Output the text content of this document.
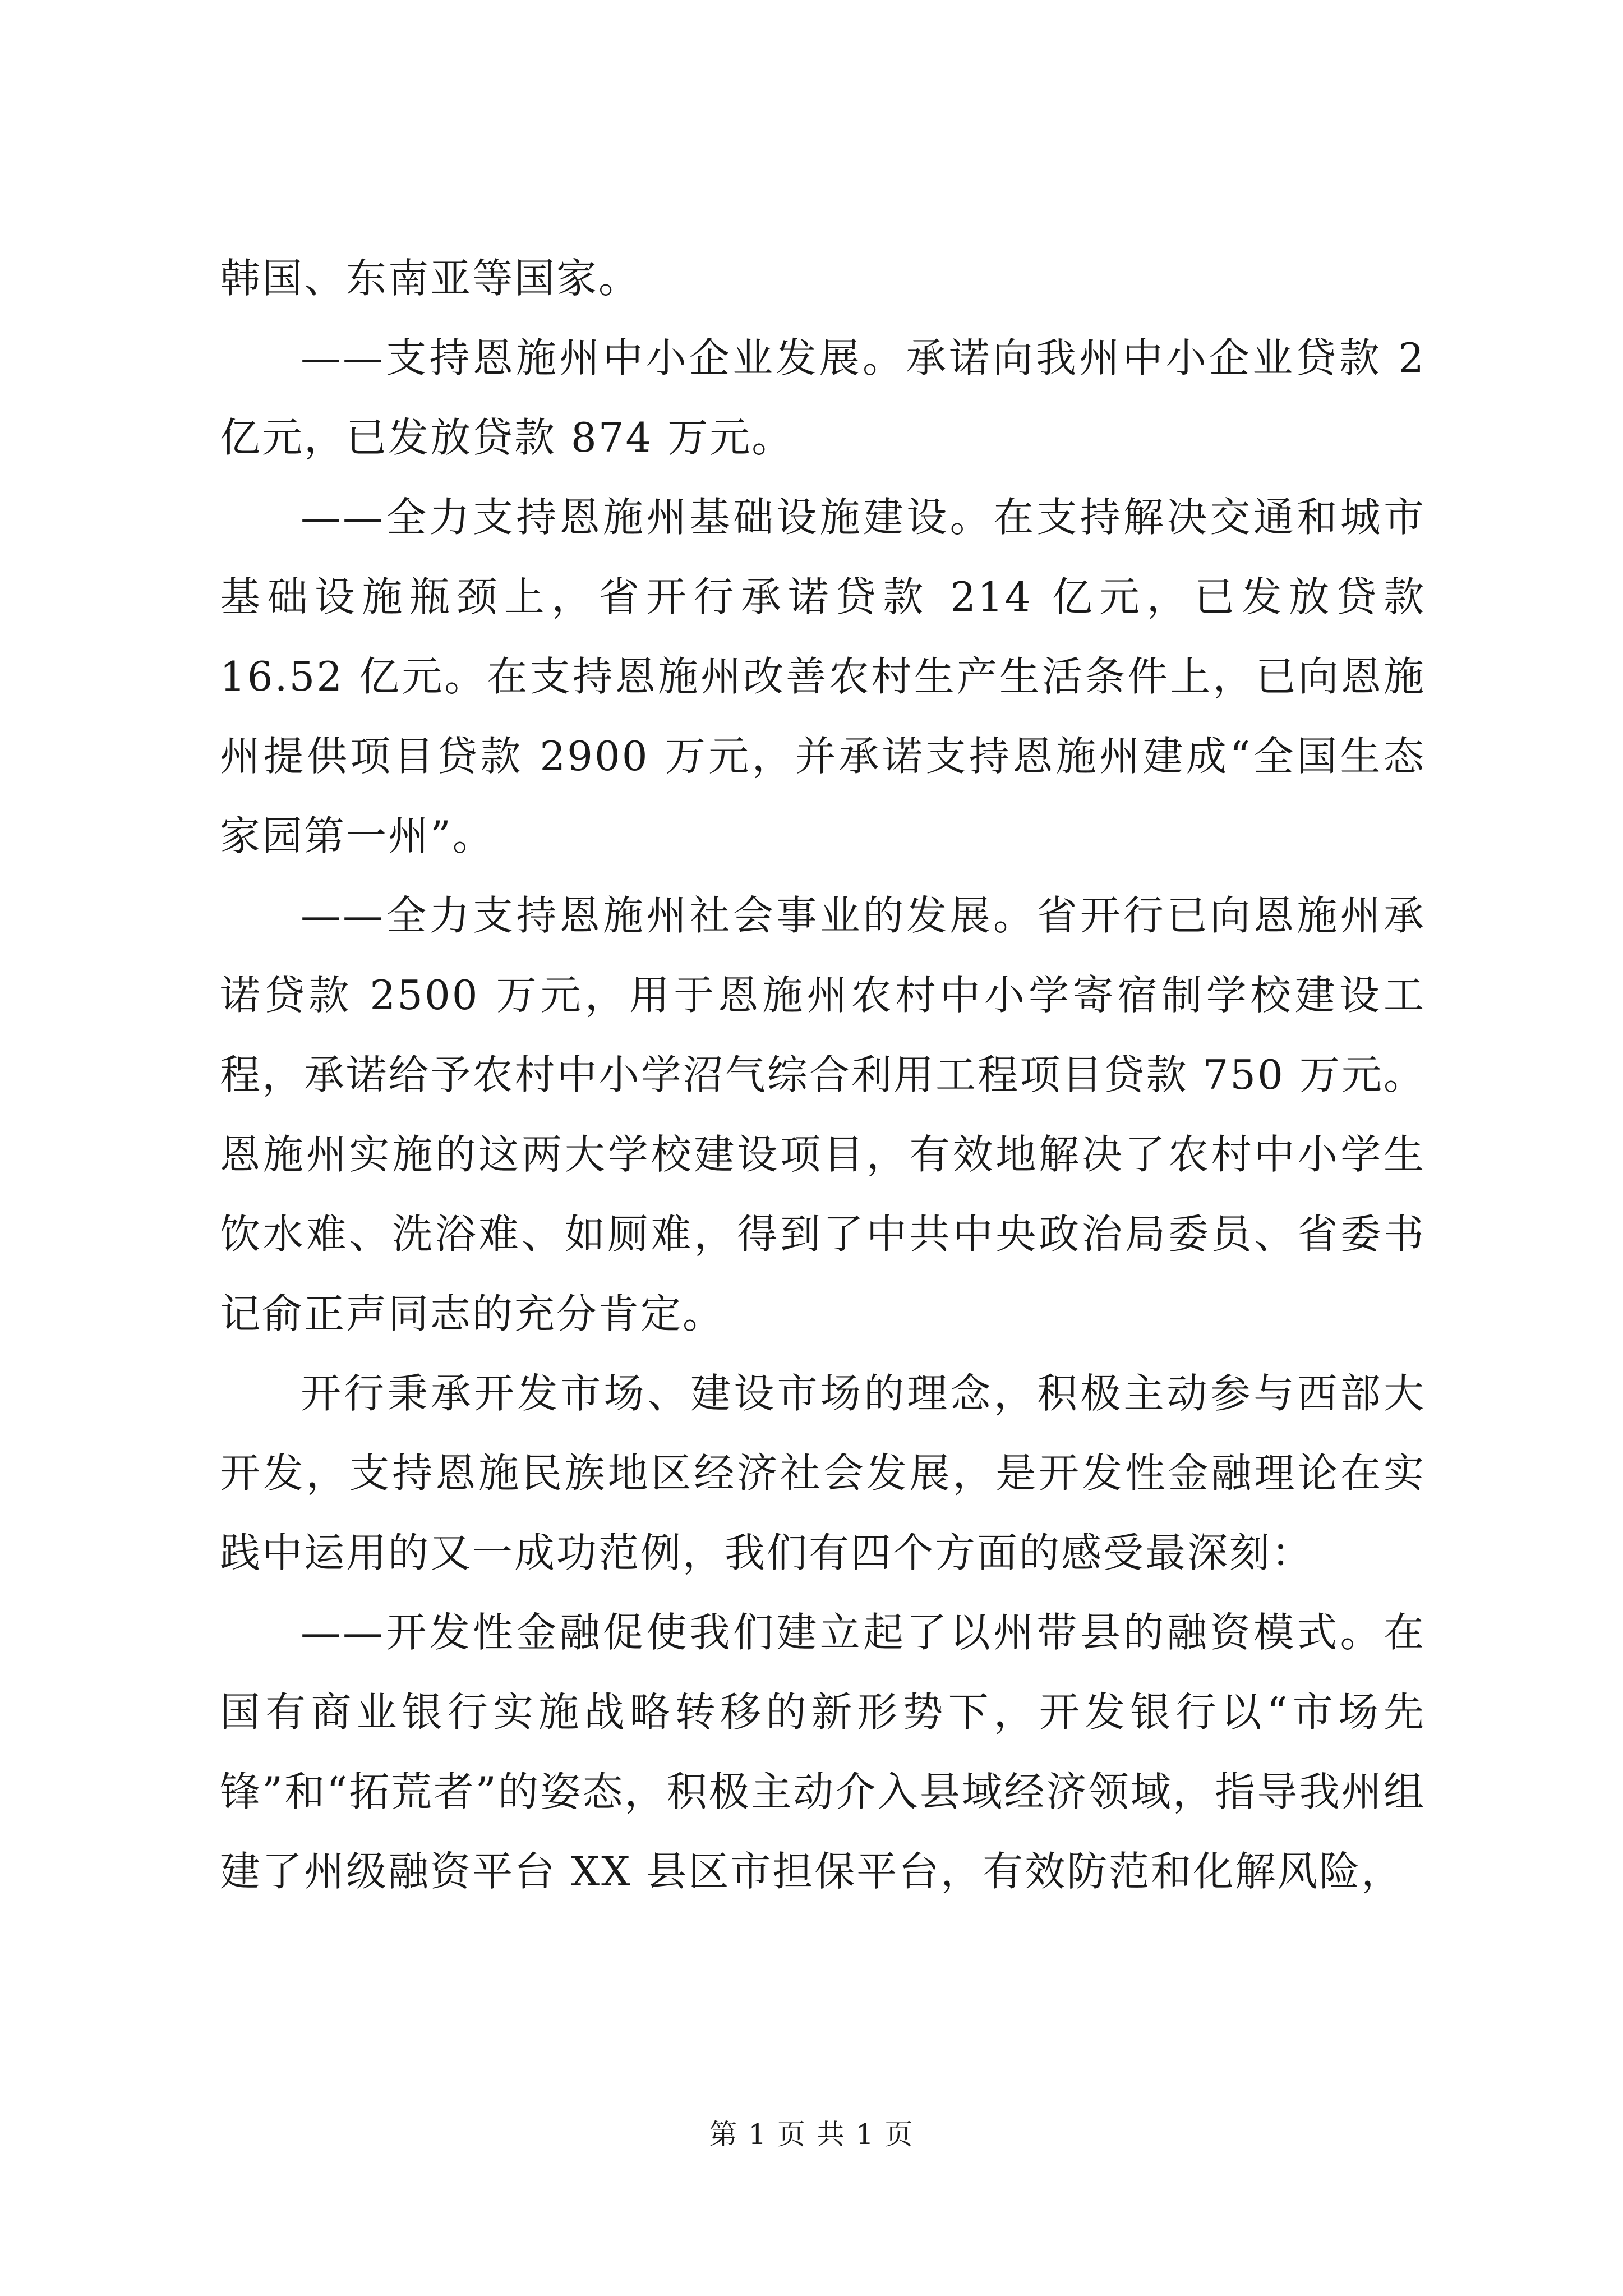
韩国、东南亚等国家。

——支持恩施州中小企业发展。承诺向我州中小企业贷款 2 亿元，已发放贷款 874 万元。

——全力支持恩施州基础设施建设。在支持解决交通和城市基础设施瓶颈上，省开行承诺贷款 214 亿元，已发放贷款 16.52 亿元。在支持恩施州改善农村生产生活条件上，已向恩施州提供项目贷款 2900 万元，并承诺支持恩施州建成“全国生态家园第一州”。

——全力支持恩施州社会事业的发展。省开行已向恩施州承诺贷款 2500 万元，用于恩施州农村中小学寄宿制学校建设工程，承诺给予农村中小学沼气综合利用工程项目贷款 750 万元。恩施州实施的这两大学校建设项目，有效地解决了农村中小学生饮水难、洗浴难、如厕难，得到了中共中央政治局委员、省委书记俞正声同志的充分肯定。

开行秉承开发市场、建设市场的理念，积极主动参与西部大开发，支持恩施民族地区经济社会发展，是开发性金融理论在实践中运用的又一成功范例，我们有四个方面的感受最深刻：

——开发性金融促使我们建立起了以州带县的融资模式。在国有商业银行实施战略转移的新形势下，开发银行以“市场先锋”和“拓荒者”的姿态，积极主动介入县域经济领域，指导我州组建了州级融资平台 XX 县区市担保平台，有效防范和化解风险，

第 1 页 共 1 页
